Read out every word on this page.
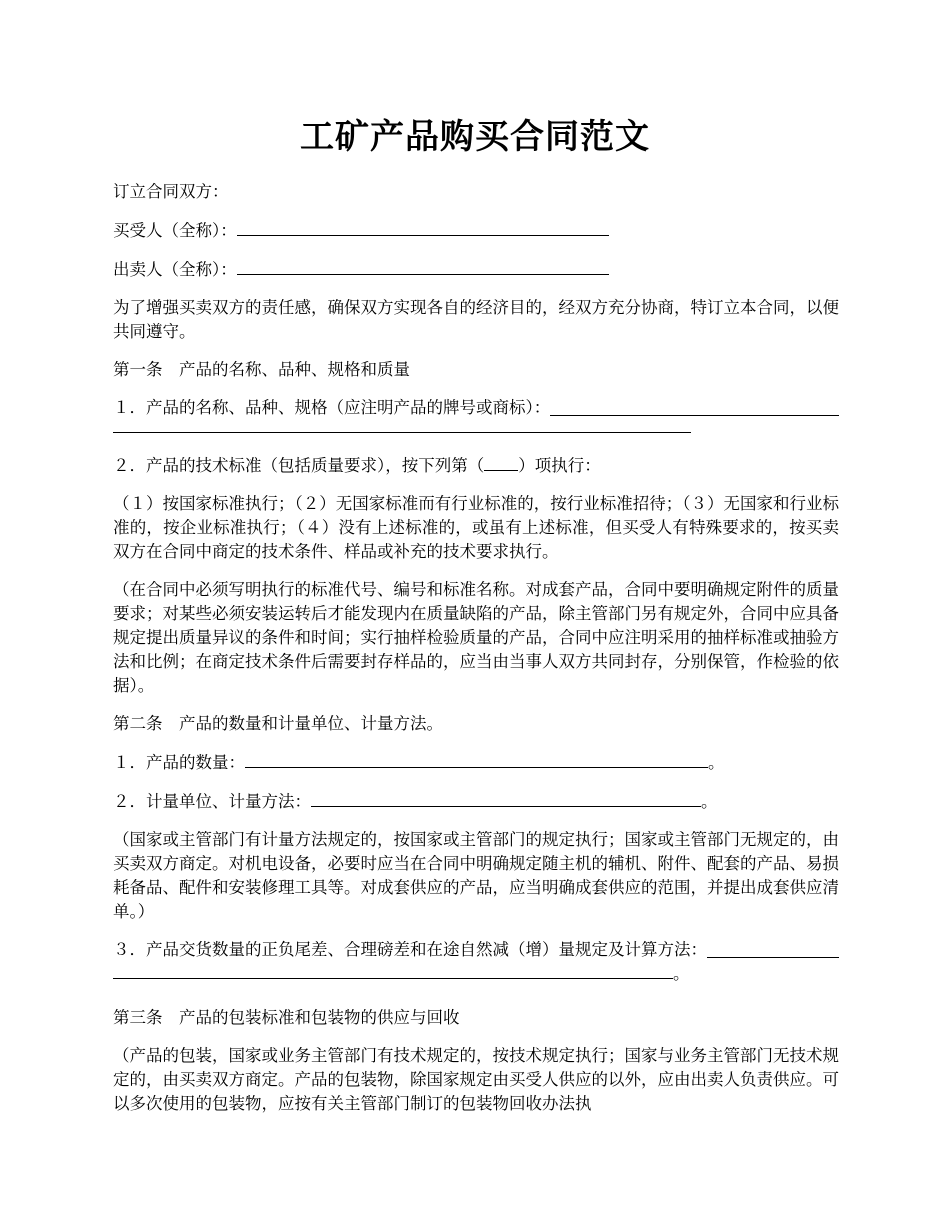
工矿产品购买合同范文

订立合同双方：

买受人（全称）：

出卖人（全称）：

为了增强买卖双方的责任感，确保双方实现各自的经济目的，经双方充分协商，特订立本合同，以便共同遵守。

第一条　产品的名称、品种、规格和质量

１．产品的名称、品种、规格（应注明产品的牌号或商标）：

２．产品的技术标准（包括质量要求），按下列第（ ）项执行：

（１）按国家标准执行；（２）无国家标准而有行业标准的，按行业标准招待；（３）无国家和行业标准的，按企业标准执行；（４）没有上述标准的，或虽有上述标准，但买受人有特殊要求的，按买卖双方在合同中商定的技术条件、样品或补充的技术要求执行。

（在合同中必须写明执行的标准代号、编号和标准名称。对成套产品，合同中要明确规定附件的质量要求；对某些必须安装运转后才能发现内在质量缺陷的产品，除主管部门另有规定外，合同中应具备规定提出质量异议的条件和时间；实行抽样检验质量的产品，合同中应注明采用的抽样标准或抽验方法和比例；在商定技术条件后需要封存样品的，应当由当事人双方共同封存，分别保管，作检验的依据）。

第二条　产品的数量和计量单位、计量方法。

１．产品的数量：	。

２．计量单位、计量方法：	。

（国家或主管部门有计量方法规定的，按国家或主管部门的规定执行；国家或主管部门无规定的，由买卖双方商定。对机电设备，必要时应当在合同中明确规定随主机的辅机、附件、配套的产品、易损耗备品、配件和安装修理工具等。对成套供应的产品，应当明确成套供应的范围，并提出成套供应清单。）

３．产品交货数量的正负尾差、合理磅差和在途自然减（增）量规定及计算方法：

。

第三条　产品的包装标准和包装物的供应与回收

（产品的包装，国家或业务主管部门有技术规定的，按技术规定执行；国家与业务主管部门无技术规定的，由买卖双方商定。产品的包装物，除国家规定由买受人供应的以外，应由出卖人负责供应。可以多次使用的包装物，应按有关主管部门制订的包装物回收办法执
